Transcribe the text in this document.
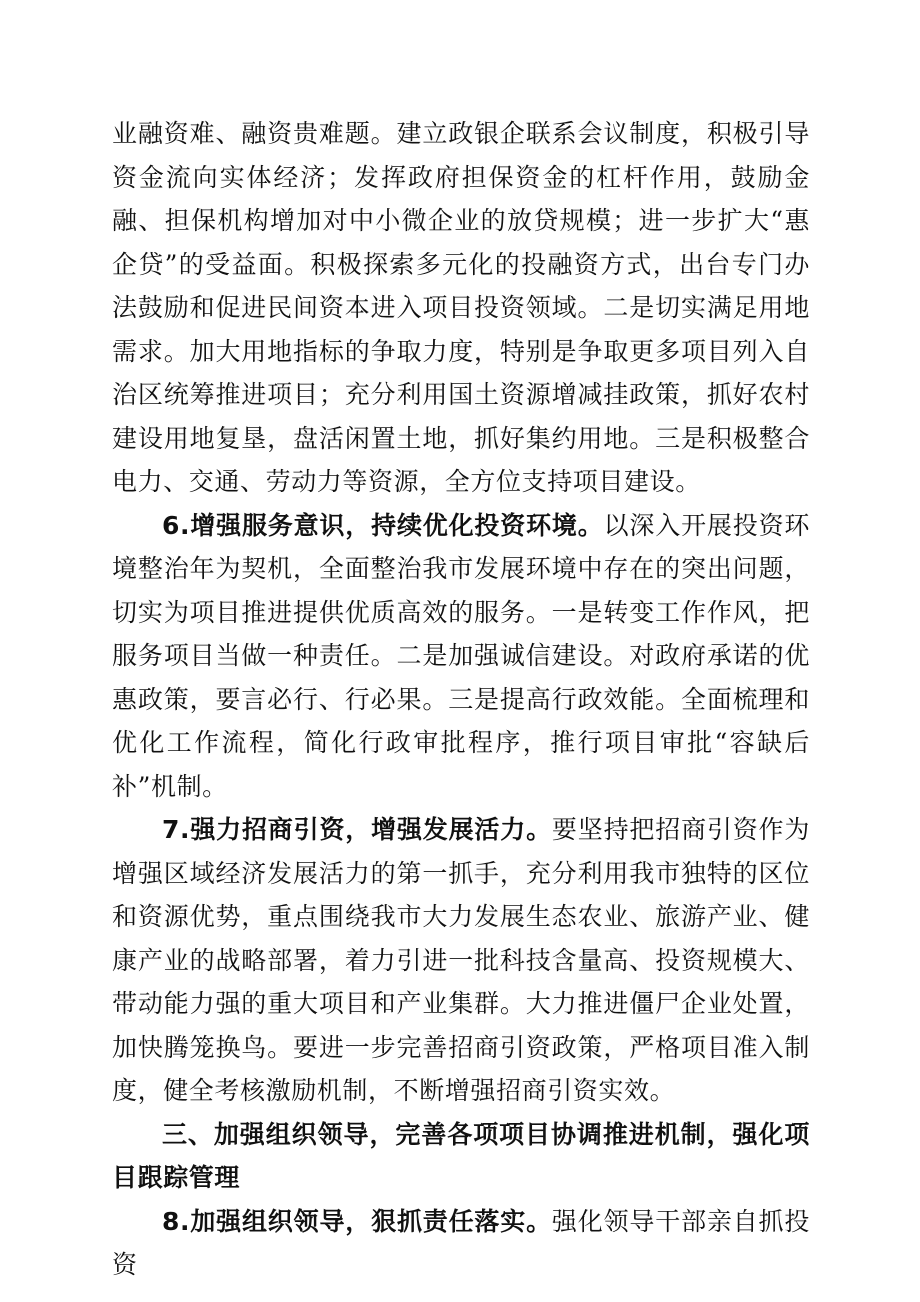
业融资难、融资贵难题。建立政银企联系会议制度，积极引导资金流向实体经济；发挥政府担保资金的杠杆作用，鼓励金融、担保机构增加对中小微企业的放贷规模；进一步扩大“惠企贷”的受益面。积极探索多元化的投融资方式，出台专门办法鼓励和促进民间资本进入项目投资领域。二是切实满足用地需求。加大用地指标的争取力度，特别是争取更多项目列入自治区统筹推进项目；充分利用国土资源增减挂政策，抓好农村建设用地复垦，盘活闲置土地，抓好集约用地。三是积极整合电力、交通、劳动力等资源，全方位支持项目建设。

6.增强服务意识，持续优化投资环境。以深入开展投资环境整治年为契机，全面整治我市发展环境中存在的突出问题，切实为项目推进提供优质高效的服务。一是转变工作作风，把服务项目当做一种责任。二是加强诚信建设。对政府承诺的优惠政策，要言必行、行必果。三是提高行政效能。全面梳理和优化工作流程，简化行政审批程序，推行项目审批“容缺后补”机制。

7.强力招商引资，增强发展活力。要坚持把招商引资作为增强区域经济发展活力的第一抓手，充分利用我市独特的区位和资源优势，重点围绕我市大力发展生态农业、旅游产业、健康产业的战略部署，着力引进一批科技含量高、投资规模大、带动能力强的重大项目和产业集群。大力推进僵尸企业处置，加快腾笼换鸟。要进一步完善招商引资政策，严格项目准入制度，健全考核激励机制，不断增强招商引资实效。

三、加强组织领导，完善各项项目协调推进机制，强化项目跟踪管理

8.加强组织领导，狠抓责任落实。强化领导干部亲自抓投资
